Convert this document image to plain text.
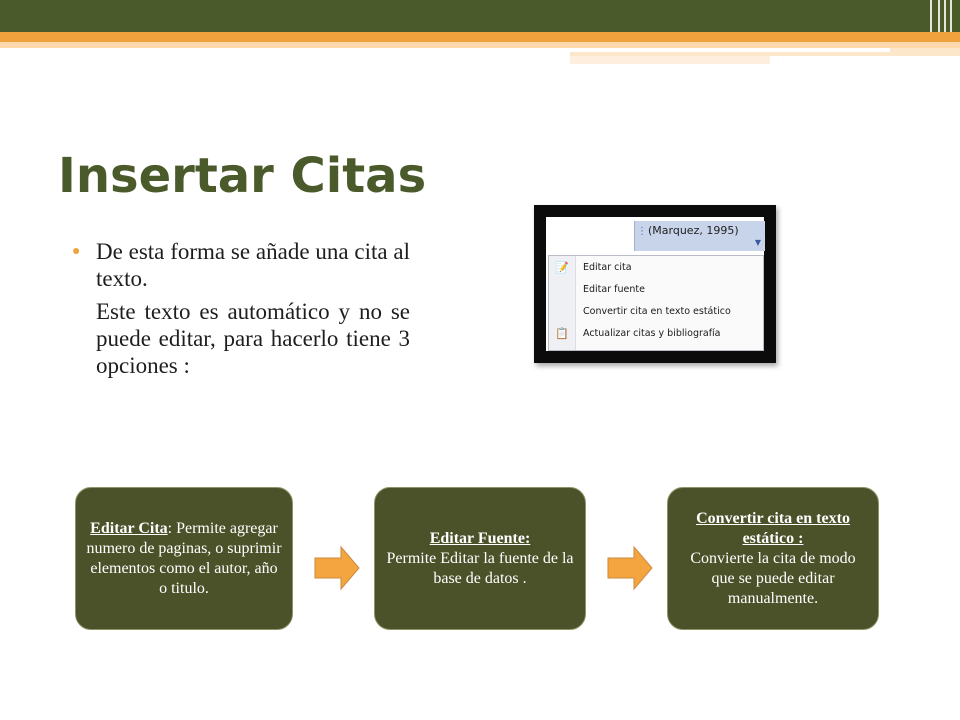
Insertar Citas
● De esta forma se añade una cita al texto.

Este texto es automático y no se puede editar, para hacerlo tiene 3 opciones :

⋮ (Marquez, 1995)
▼
📝 Editar cita
Editar fuente
Convertir cita en texto estático
📋 Actualizar citas y bibliografía
Editar Cita: Permite agregar numero de paginas, o suprimir elementos como el autor, año o titulo.
Editar Fuente:
Permite Editar la fuente de la base de datos .
Convertir cita en texto estático :
Convierte la cita de modo que se puede editar manualmente.
